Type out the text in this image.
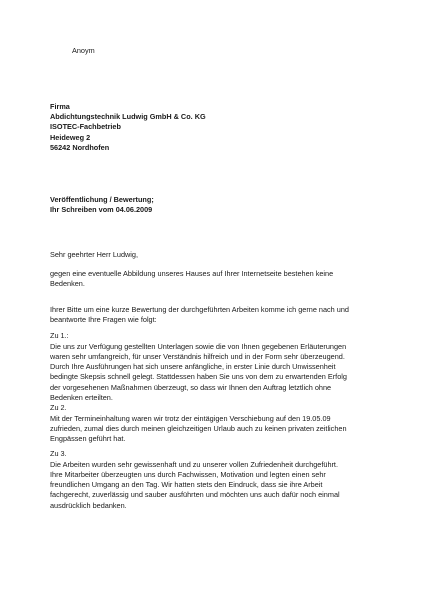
Anoym
Firma
Abdichtungstechnik Ludwig GmbH & Co. KG
ISOTEC-Fachbetrieb
Heideweg 2
56242 Nordhofen
Veröffentlichung / Bewertung;
Ihr Schreiben vom 04.06.2009
Sehr geehrter Herr Ludwig,
gegen eine eventuelle Abbildung unseres Hauses auf Ihrer Internetseite bestehen keine
Bedenken.
Ihrer Bitte um eine kurze Bewertung der durchgeführten Arbeiten komme ich gerne nach und
beantworte Ihre Fragen wie folgt:
Zu 1.:
Die uns zur Verfügung gestellten Unterlagen sowie die von Ihnen gegebenen Erläuterungen
waren sehr umfangreich, für unser Verständnis hilfreich und in der Form sehr überzeugend.
Durch Ihre Ausführungen hat sich unsere anfängliche, in erster Linie durch Unwissenheit
bedingte Skepsis schnell gelegt. Stattdessen haben Sie uns von dem zu erwartenden Erfolg
der vorgesehenen Maßnahmen überzeugt, so dass wir Ihnen den Auftrag letztlich ohne
Bedenken erteilten.
Zu 2.
Mit der Termineinhaltung waren wir trotz der eintägigen Verschiebung auf den 19.05.09
zufrieden, zumal dies durch meinen gleichzeitigen Urlaub auch zu keinen privaten zeitlichen
Engpässen geführt hat.
Zu 3.
Die Arbeiten wurden sehr gewissenhaft und zu unserer vollen Zufriedenheit durchgeführt.
Ihre Mitarbeiter überzeugten uns durch Fachwissen, Motivation und legten einen sehr
freundlichen Umgang an den Tag. Wir hatten stets den Eindruck, dass sie ihre Arbeit
fachgerecht, zuverlässig und sauber ausführten und möchten uns auch dafür noch einmal
ausdrücklich bedanken.
